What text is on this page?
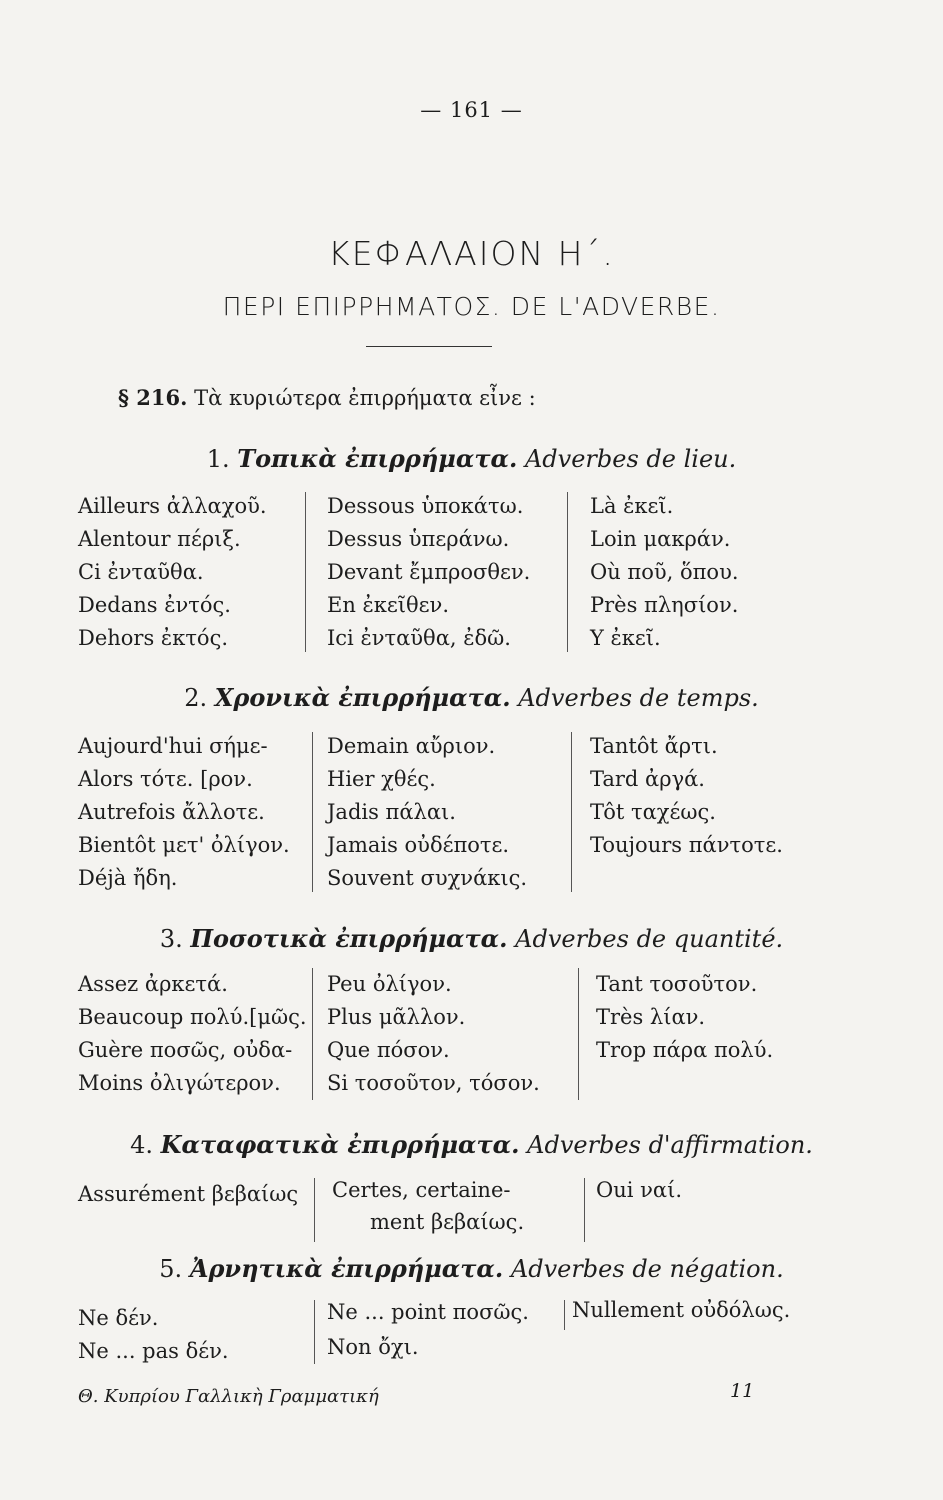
— 161 —
ΚΕΦΑΛΑΙΟΝ Η΄.
ΠΕΡΙ ΕΠΙΡΡΗΜΑΤΟΣ. DE L'ADVERBE.
§ 216. Τὰ κυριώτερα ἐπιρρήματα εἶνε :
1. Τοπικὰ ἐπιρρήματα. Adverbes de lieu.
Ailleurs ἀλλαχοῦ.
Alentour πέριξ.
Ci ἐνταῦθα.
Dedans ἐντός.
Dehors ἐκτός.
Dessous ὑποκάτω.
Dessus ὑπεράνω.
Devant ἔμπροσθεν.
En ἐκεῖθεν.
Ici ἐνταῦθα, ἐδῶ.
Là ἐκεῖ.
Loin μακράν.
Où ποῦ, ὅπου.
Près πλησίον.
Y ἐκεῖ.
2. Χρονικὰ ἐπιρρήματα. Adverbes de temps.
Aujourd'hui σήμε-
Alors τότε. [ρον.
Autrefois ἄλλοτε.
Bientôt μετ' ὀλίγον.
Déjà ἤδη.
Demain αὔριον.
Hier χθές.
Jadis πάλαι.
Jamais οὐδέποτε.
Souvent συχνάκις.
Tantôt ἄρτι.
Tard ἀργά.
Tôt ταχέως.
Toujours πάντοτε.
3. Ποσοτικὰ ἐπιρρήματα. Adverbes de quantité.
Assez ἀρκετά.
Beaucoup πολύ.[μῶς.
Guère ποσῶς, οὐδα-
Moins ὀλιγώτερον.
Peu ὀλίγον.
Plus μᾶλλον.
Que πόσον.
Si τοσοῦτον, τόσον.
Tant τοσοῦτον.
Très λίαν.
Trop πάρα πολύ.
4. Καταφατικὰ ἐπιρρήματα. Adverbes d'affirmation.
Assurément βεβαίως Certes, certaine-
ment βεβαίως.
Oui ναί.
5. Ἀρνητικὰ ἐπιρρήματα. Adverbes de négation.
Ne δέν.
Ne ... pas δέν.
Ne ... point ποσῶς.
Non ὄχι.
Nullement οὐδόλως.
Θ. Κυπρίου Γαλλικὴ Γραμματική	11
